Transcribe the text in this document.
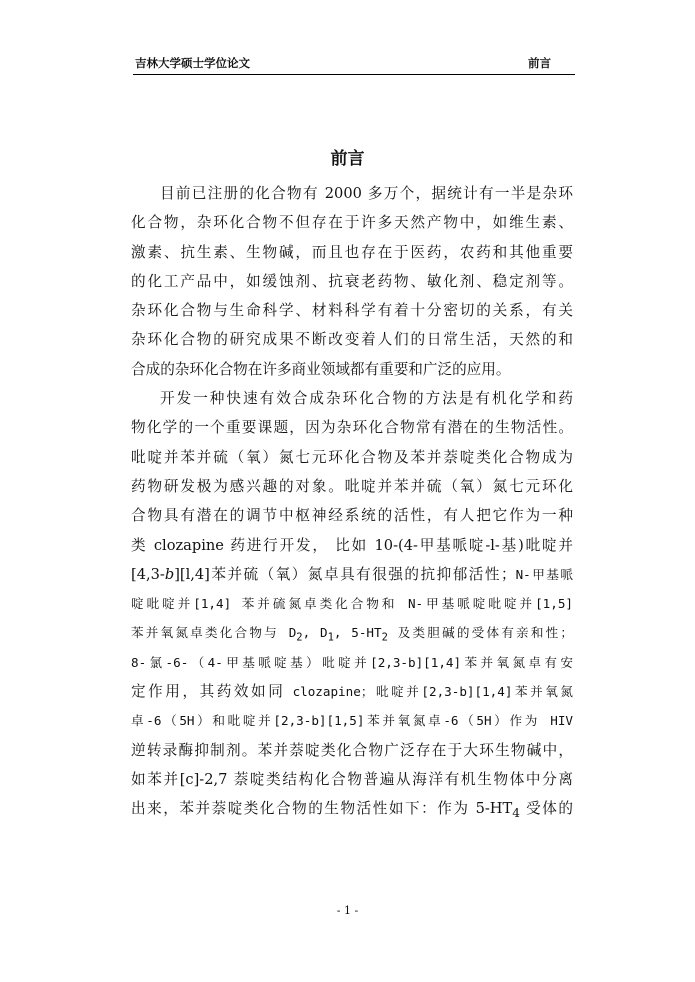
吉林大学硕士学位论文	前言
前言
目前已注册的化合物有 2000 多万个，据统计有一半是杂环
化合物，杂环化合物不但存在于许多天然产物中，如维生素、
激素、抗生素、生物碱，而且也存在于医药，农药和其他重要
的化工产品中，如缓蚀剂、抗衰老药物、敏化剂、稳定剂等。
杂环化合物与生命科学、材料科学有着十分密切的关系，有关
杂环化合物的研究成果不断改变着人们的日常生活，天然的和
合成的杂环化合物在许多商业领域都有重要和广泛的应用。
开发一种快速有效合成杂环化合物的方法是有机化学和药
物化学的一个重要课题，因为杂环化合物常有潜在的生物活性。
吡啶并苯并硫（氧）氮七元环化合物及苯并萘啶类化合物成为
药物研发极为感兴趣的对象。吡啶并苯并硫（氧）氮七元环化
合物具有潜在的调节中枢神经系统的活性，有人把它作为一种
类 clozapine 药进行开发， 比如 10-(4-甲基哌啶-l-基)吡啶并
[4,3-b][l,4]苯并硫（氧）氮卓具有很强的抗抑郁活性；N-甲基哌
啶吡啶并[1,4] 苯并硫氮卓类化合物和 N-甲基哌啶吡啶并[1,5]
苯并氧氮卓类化合物与 $D_2$, $D_1$, $5-HT_2$ 及类胆碱的受体有亲和性；
8-氯-6-（4-甲基哌啶基）吡啶并[2,3-b][1,4]苯并氧氮卓有安
定作用，其药效如同 clozapine；吡啶并[2,3-b][1,4]苯并氧氮
卓-6（5H）和吡啶并[2,3-b][1,5]苯并氧氮卓-6（5H）作为 HIV
逆转录酶抑制剂。苯并萘啶类化合物广泛存在于大环生物碱中，
如苯并[c]-2,7 萘啶类结构化合物普遍从海洋有机生物体中分离
出来，苯并萘啶类化合物的生物活性如下：作为 $5-HT_4$ 受体的
- 1 -
